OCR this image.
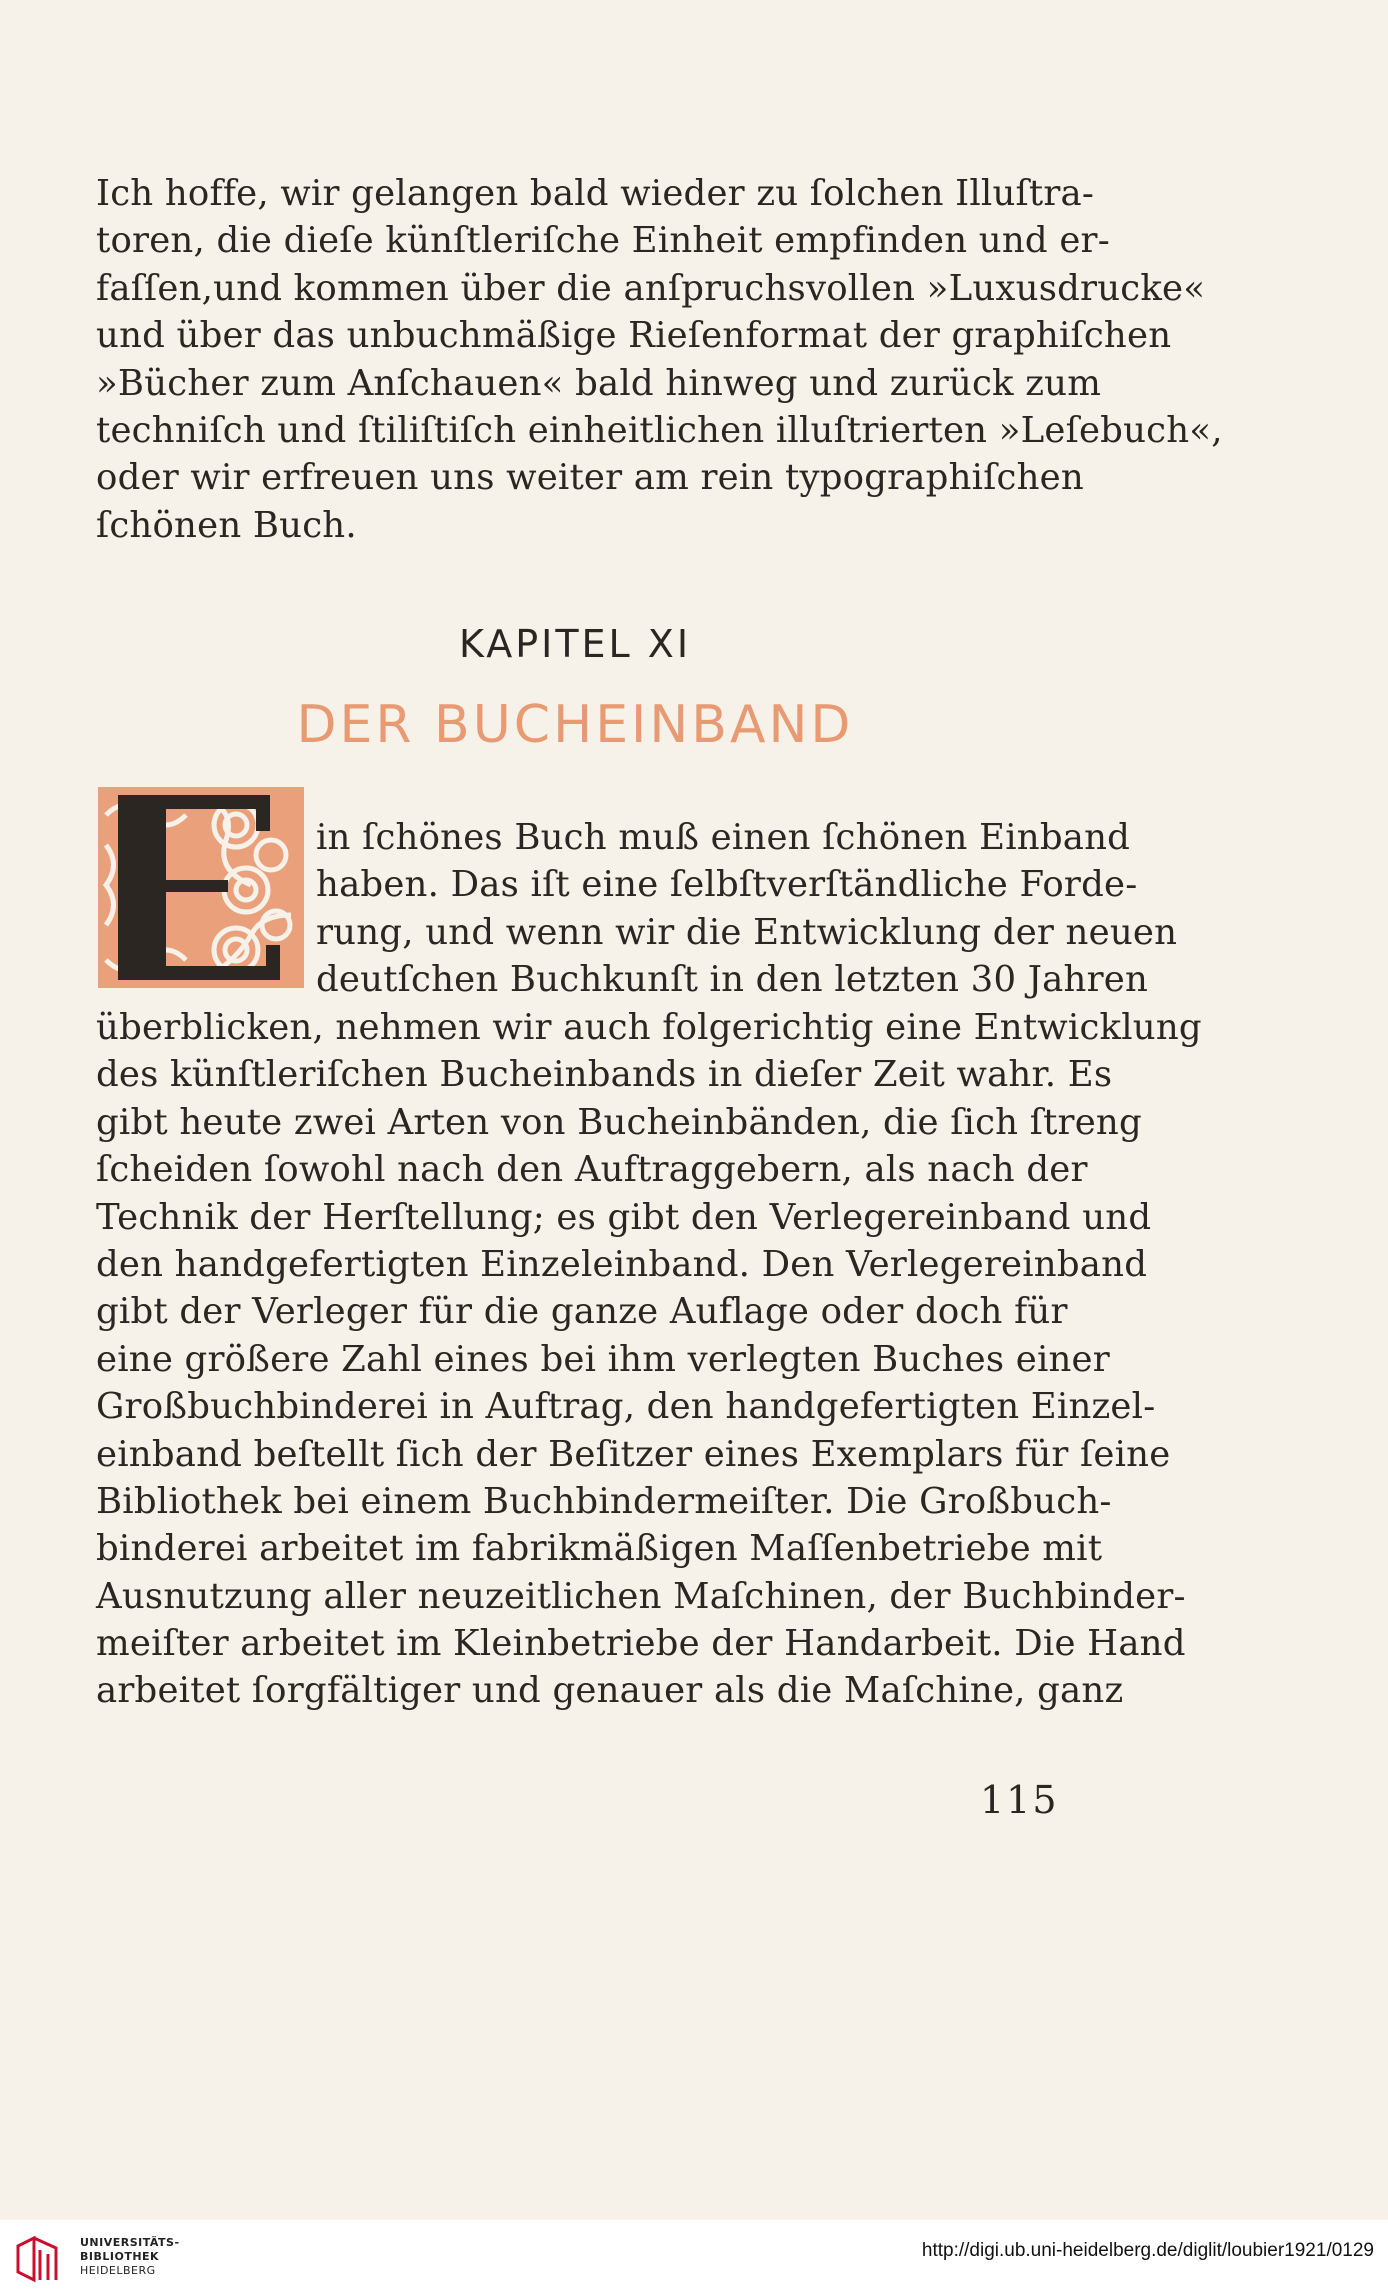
Ich hoffe, wir gelangen bald wieder zu ſolchen Illuſtra-
toren, die dieſe künſtleriſche Einheit empfinden und er-
faſſen,und kommen über die anſpruchsvollen »Luxusdrucke«
und über das unbuchmäßige Rieſenformat der graphiſchen
»Bücher zum Anſchauen« bald hinweg und zurück zum
techniſch und ſtiliſtiſch einheitlichen illuſtrierten »Leſebuch«,
oder wir erfreuen uns weiter am rein typographiſchen
ſchönen Buch.
KAPITEL XI
DER BUCHEINBAND
in ſchönes Buch muß einen ſchönen Einband
haben. Das iſt eine ſelbſtverſtändliche Forde-
rung, und wenn wir die Entwicklung der neuen
deutſchen Buchkunſt in den letzten 30 Jahren
überblicken, nehmen wir auch folgerichtig eine Entwicklung
des künſtleriſchen Bucheinbands in dieſer Zeit wahr. Es
gibt heute zwei Arten von Bucheinbänden, die ſich ſtreng
ſcheiden ſowohl nach den Auftraggebern, als nach der
Technik der Herſtellung; es gibt den Verlegereinband und
den handgefertigten Einzeleinband. Den Verlegereinband
gibt der Verleger für die ganze Auflage oder doch für
eine größere Zahl eines bei ihm verlegten Buches einer
Großbuchbinderei in Auftrag, den handgefertigten Einzel-
einband beſtellt ſich der Beſitzer eines Exemplars für ſeine
Bibliothek bei einem Buchbindermeiſter. Die Großbuch-
binderei arbeitet im fabrikmäßigen Maſſenbetriebe mit
Ausnutzung aller neuzeitlichen Maſchinen, der Buchbinder-
meiſter arbeitet im Kleinbetriebe der Handarbeit. Die Hand
arbeitet ſorgfältiger und genauer als die Maſchine, ganz
115
UNIVERSITÄTS-
BIBLIOTHEK
HEIDELBERG
http://digi.ub.uni-heidelberg.de/diglit/loubier1921/0129
